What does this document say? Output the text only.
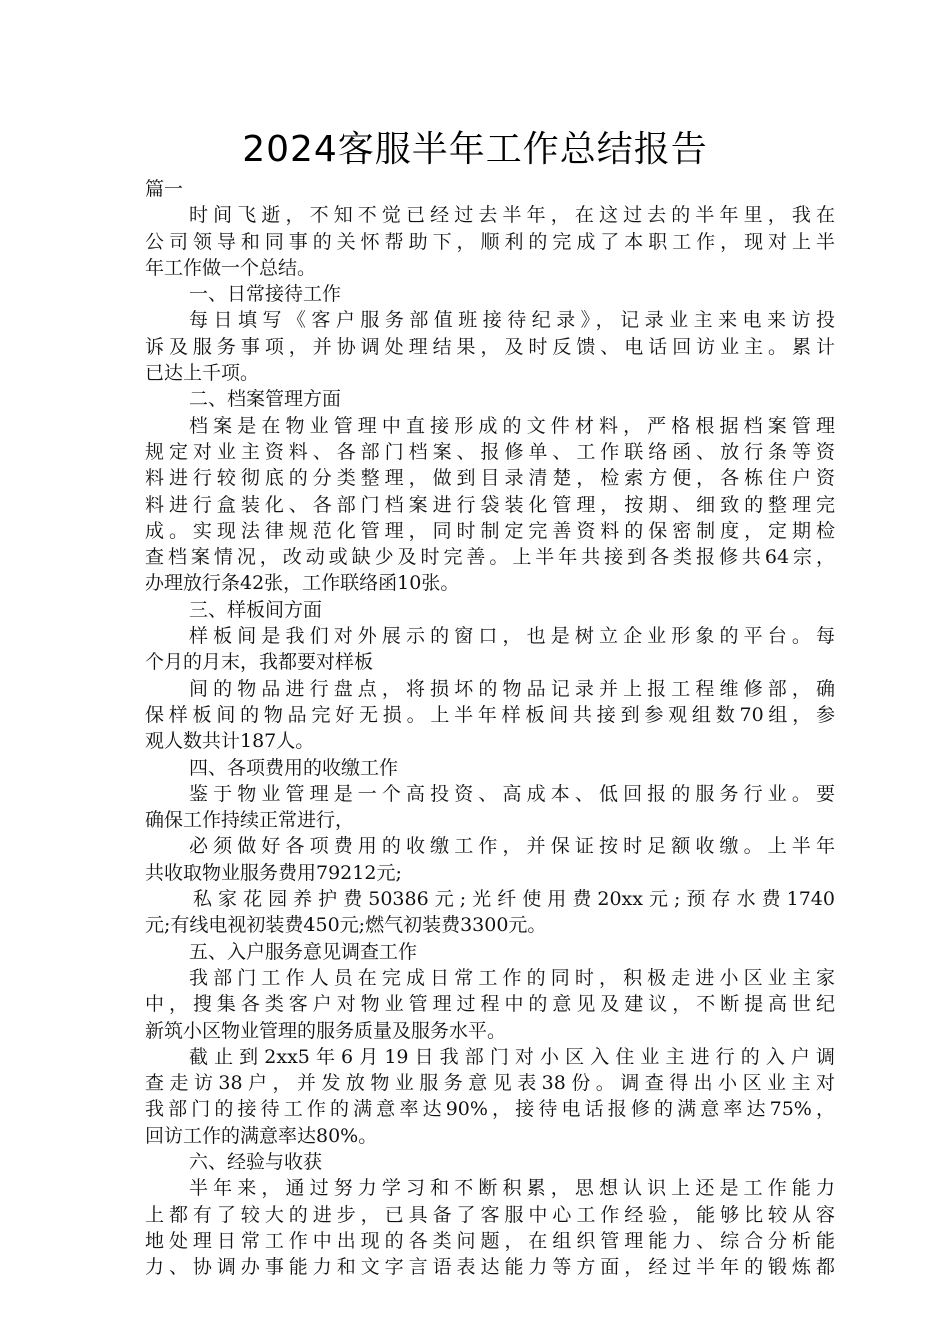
2024客服半年工作总结报告
篇一
时间飞逝，不知不觉已经过去半年，在这过去的半年里，我在
公司领导和同事的关怀帮助下，顺利的完成了本职工作，现对上半
年工作做一个总结。
一、日常接待工作
每日填写《客户服务部值班接待纪录》，记录业主来电来访投
诉及服务事项，并协调处理结果，及时反馈、电话回访业主。累计
已达上千项。
二、档案管理方面
档案是在物业管理中直接形成的文件材料，严格根据档案管理
规定对业主资料、各部门档案、报修单、工作联络函、放行条等资
料进行较彻底的分类整理，做到目录清楚，检索方便，各栋住户资
料进行盒装化、各部门档案进行袋装化管理，按期、细致的整理完
成。实现法律规范化管理，同时制定完善资料的保密制度，定期检
查档案情况，改动或缺少及时完善。上半年共接到各类报修共64宗，
办理放行条42张，工作联络函10张。
三、样板间方面
样板间是我们对外展示的窗口，也是树立企业形象的平台。每
个月的月末，我都要对样板
间的物品进行盘点，将损坏的物品记录并上报工程维修部，确
保样板间的物品完好无损。上半年样板间共接到参观组数70组，参
观人数共计187人。
四、各项费用的收缴工作
鉴于物业管理是一个高投资、高成本、低回报的服务行业。要
确保工作持续正常进行，
必须做好各项费用的收缴工作，并保证按时足额收缴。上半年
共收取物业服务费用79212元;
私家花园养护费50386元;光纤使用费20xx元;预存水费1740
元;有线电视初装费450元;燃气初装费3300元。
五、入户服务意见调查工作
我部门工作人员在完成日常工作的同时，积极走进小区业主家
中，搜集各类客户对物业管理过程中的意见及建议，不断提高世纪
新筑小区物业管理的服务质量及服务水平。
截止到2xx5年6月19日我部门对小区入住业主进行的入户调
查走访38户，并发放物业服务意见表38份。调查得出小区业主对
我部门的接待工作的满意率达90%，接待电话报修的满意率达75%，
回访工作的满意率达80%。
六、经验与收获
半年来，通过努力学习和不断积累，思想认识上还是工作能力
上都有了较大的进步，已具备了客服中心工作经验，能够比较从容
地处理日常工作中出现的各类问题，在组织管理能力、综合分析能
力、协调办事能力和文字言语表达能力等方面，经过半年的锻炼都
